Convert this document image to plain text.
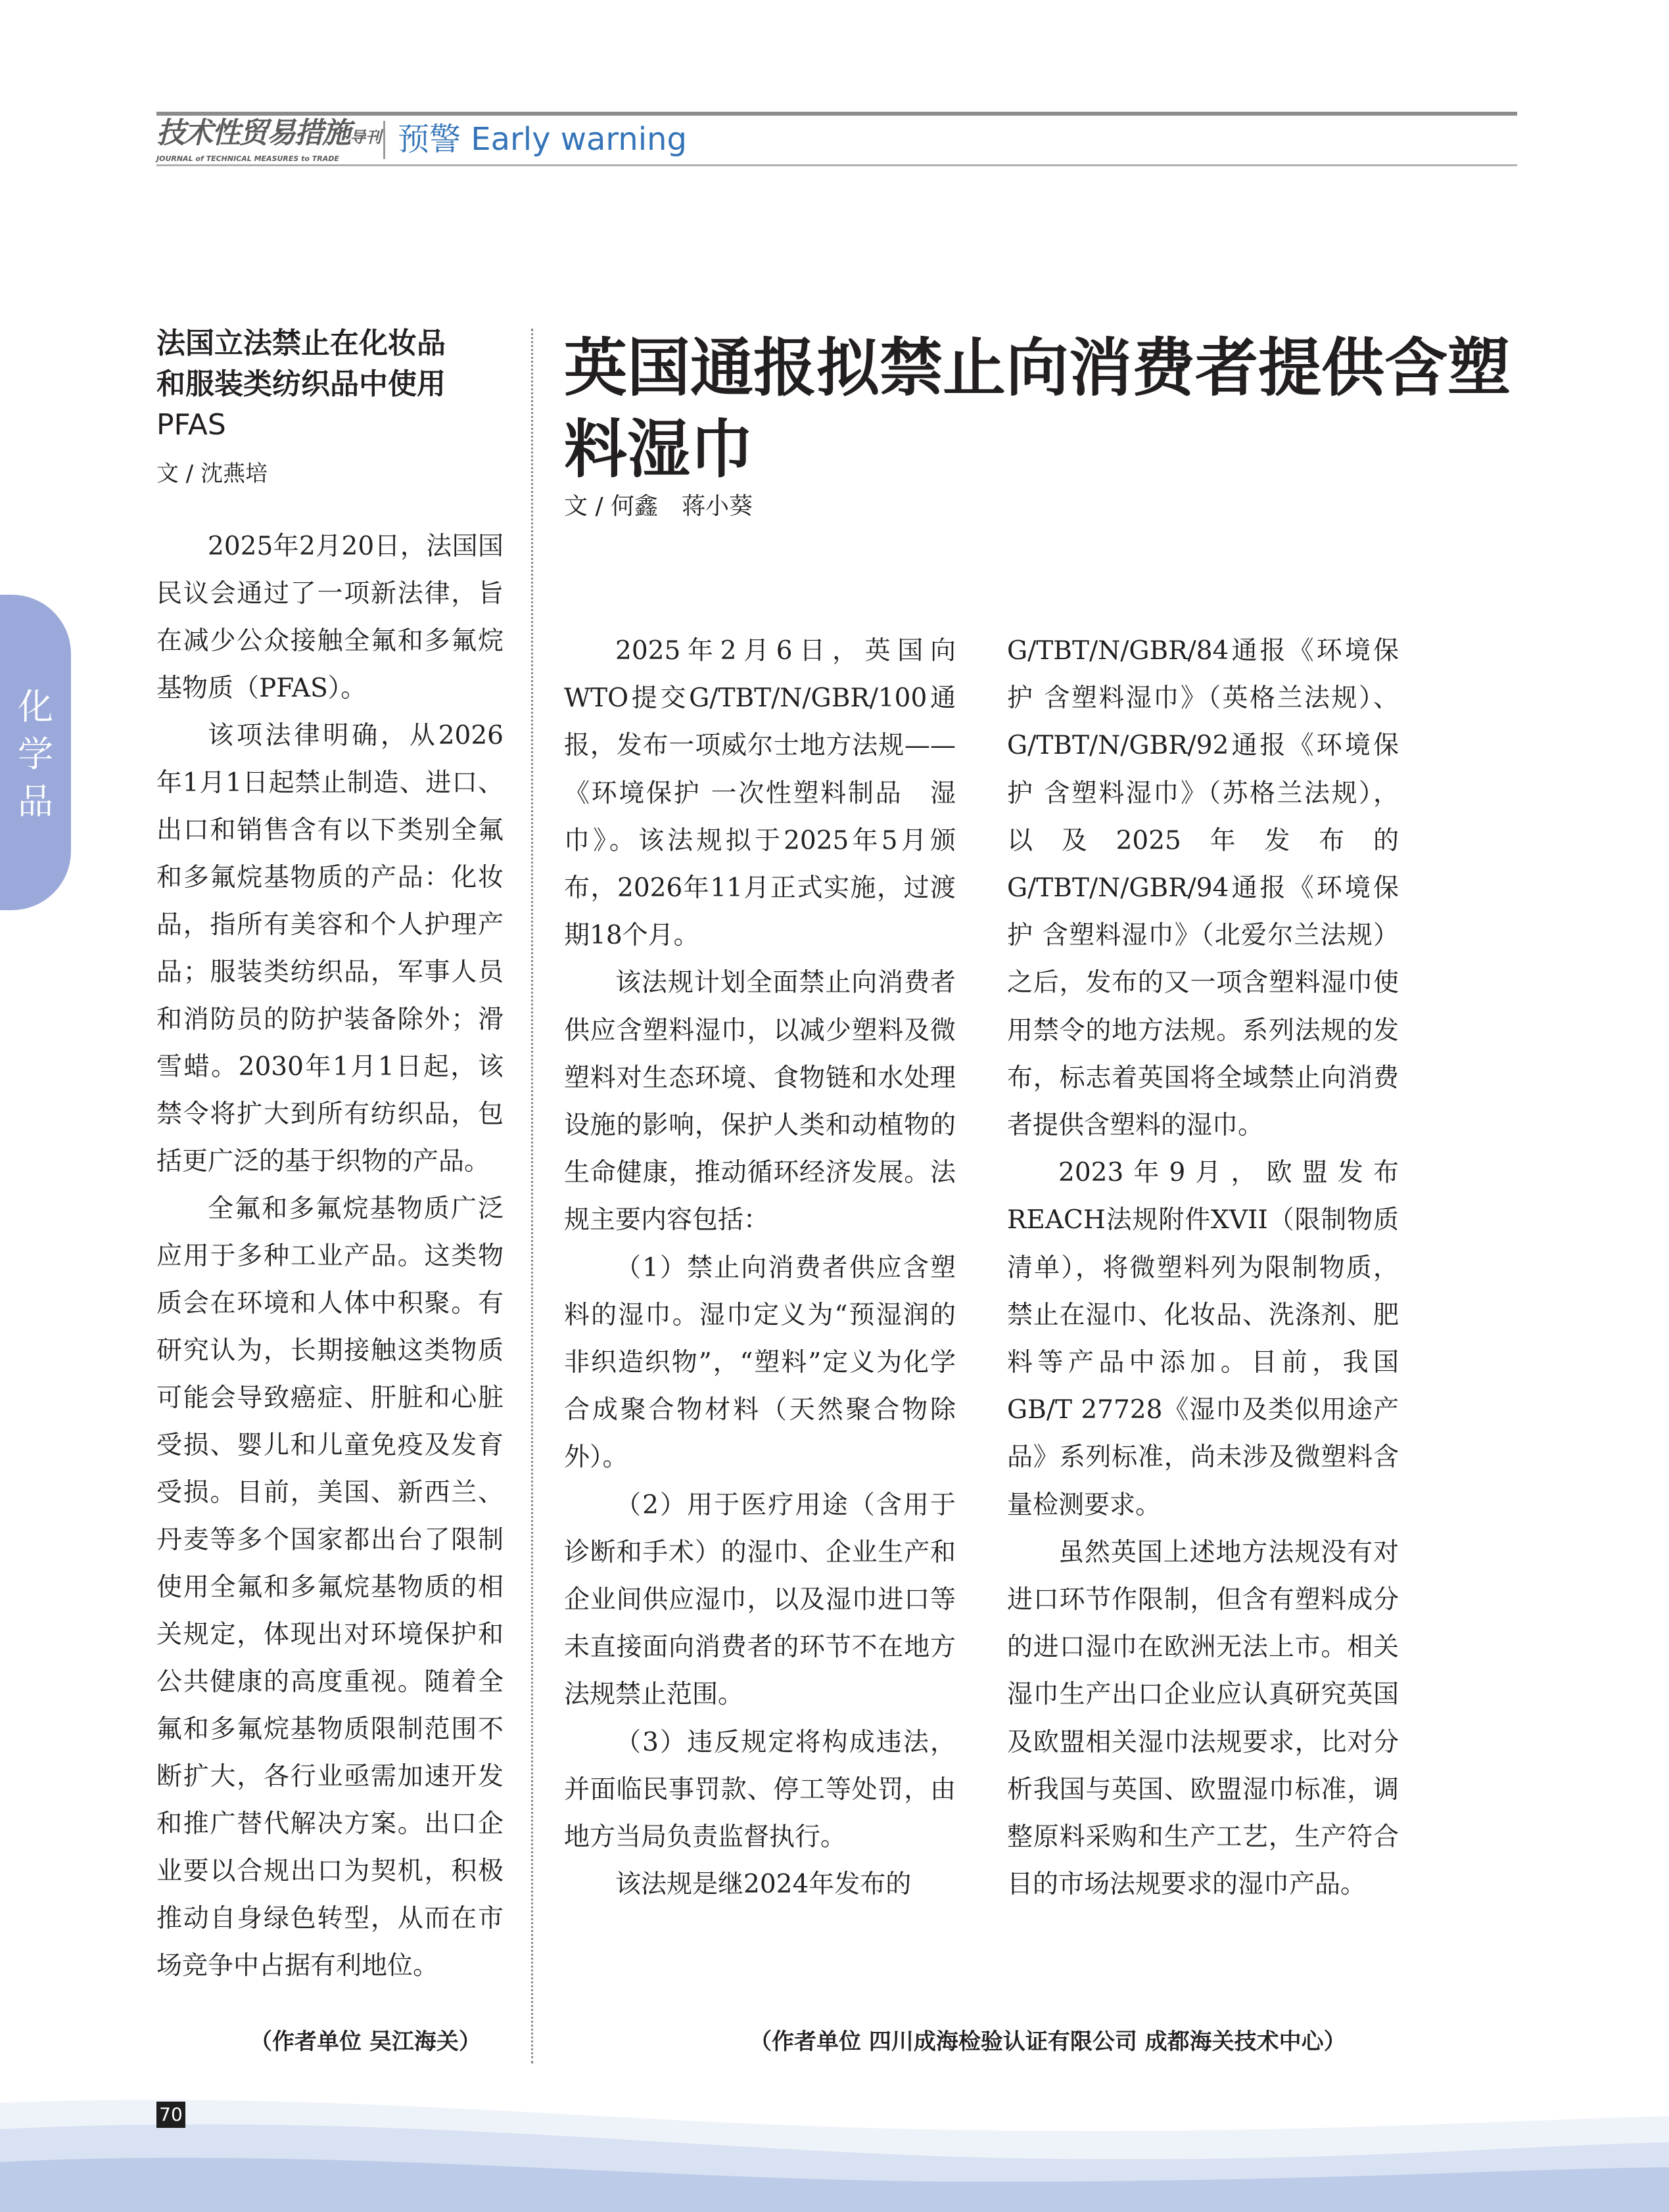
技术性贸易措施导刊
JOURNAL of TECHNICAL MEASURES to TRADE
预警 Early warning
化
学
品
法国立法禁止在化妆品
和服装类纺织品中使用
PFAS
文 / 沈燕培

2025年2月20日，法国国民议会通过了一项新法律，旨在减少公众接触全氟和多氟烷基物质（PFAS）。

该项法律明确，从2026年1月1日起禁止制造、进口、出口和销售含有以下类别全氟和多氟烷基物质的产品：化妆品，指所有美容和个人护理产品；服装类纺织品，军事人员和消防员的防护装备除外；滑雪蜡。2030年1月1日起，该禁令将扩大到所有纺织品，包括更广泛的基于织物的产品。

全氟和多氟烷基物质广泛应用于多种工业产品。这类物质会在环境和人体中积聚。有研究认为，长期接触这类物质可能会导致癌症、肝脏和心脏受损、婴儿和儿童免疫及发育受损。目前，美国、新西兰、丹麦等多个国家都出台了限制使用全氟和多氟烷基物质的相关规定，体现出对环境保护和公共健康的高度重视。随着全氟和多氟烷基物质限制范围不断扩大，各行业亟需加速开发和推广替代解决方案。出口企业要以合规出口为契机，积极推动自身绿色转型，从而在市场竞争中占据有利地位。

（作者单位 吴江海关）
英国通报拟禁止向消费者提供含塑料湿巾
文 / 何鑫　蒋小葵

2025年2月6日，英国向WTO提交G/TBT/N/GBR/100通报，发布一项威尔士地方法规——《环境保护 一次性塑料制品　湿巾》。该法规拟于2025年5月颁布，2026年11月正式实施，过渡期18个月。

该法规计划全面禁止向消费者供应含塑料湿巾，以减少塑料及微塑料对生态环境、食物链和水处理设施的影响，保护人类和动植物的生命健康，推动循环经济发展。法规主要内容包括：

（1）禁止向消费者供应含塑料的湿巾。湿巾定义为“预湿润的非织造织物”，“塑料”定义为化学合成聚合物材料（天然聚合物除外）。

（2）用于医疗用途（含用于诊断和手术）的湿巾、企业生产和企业间供应湿巾，以及湿巾进口等未直接面向消费者的环节不在地方法规禁止范围。

（3）违反规定将构成违法，并面临民事罚款、停工等处罚，由地方当局负责监督执行。

该法规是继2024年发布的

G/TBT/N/GBR/84通报《环境保护 含塑料湿巾》（英格兰法规）、G/TBT/N/GBR/92通报《环境保护 含塑料湿巾》（苏格兰法规），以及2025年发布的G/TBT/N/GBR/94通报《环境保护 含塑料湿巾》（北爱尔兰法规）之后，发布的又一项含塑料湿巾使用禁令的地方法规。系列法规的发布，标志着英国将全域禁止向消费者提供含塑料的湿巾。

2023年9月，欧盟发布REACH法规附件XVII（限制物质清单），将微塑料列为限制物质，禁止在湿巾、化妆品、洗涤剂、肥料等产品中添加。目前，我国GB/T 27728《湿巾及类似用途产品》系列标准，尚未涉及微塑料含量检测要求。

虽然英国上述地方法规没有对进口环节作限制，但含有塑料成分的进口湿巾在欧洲无法上市。相关湿巾生产出口企业应认真研究英国及欧盟相关湿巾法规要求，比对分析我国与英国、欧盟湿巾标准，调整原料采购和生产工艺，生产符合目的市场法规要求的湿巾产品。

（作者单位 四川成海检验认证有限公司 成都海关技术中心）
70
